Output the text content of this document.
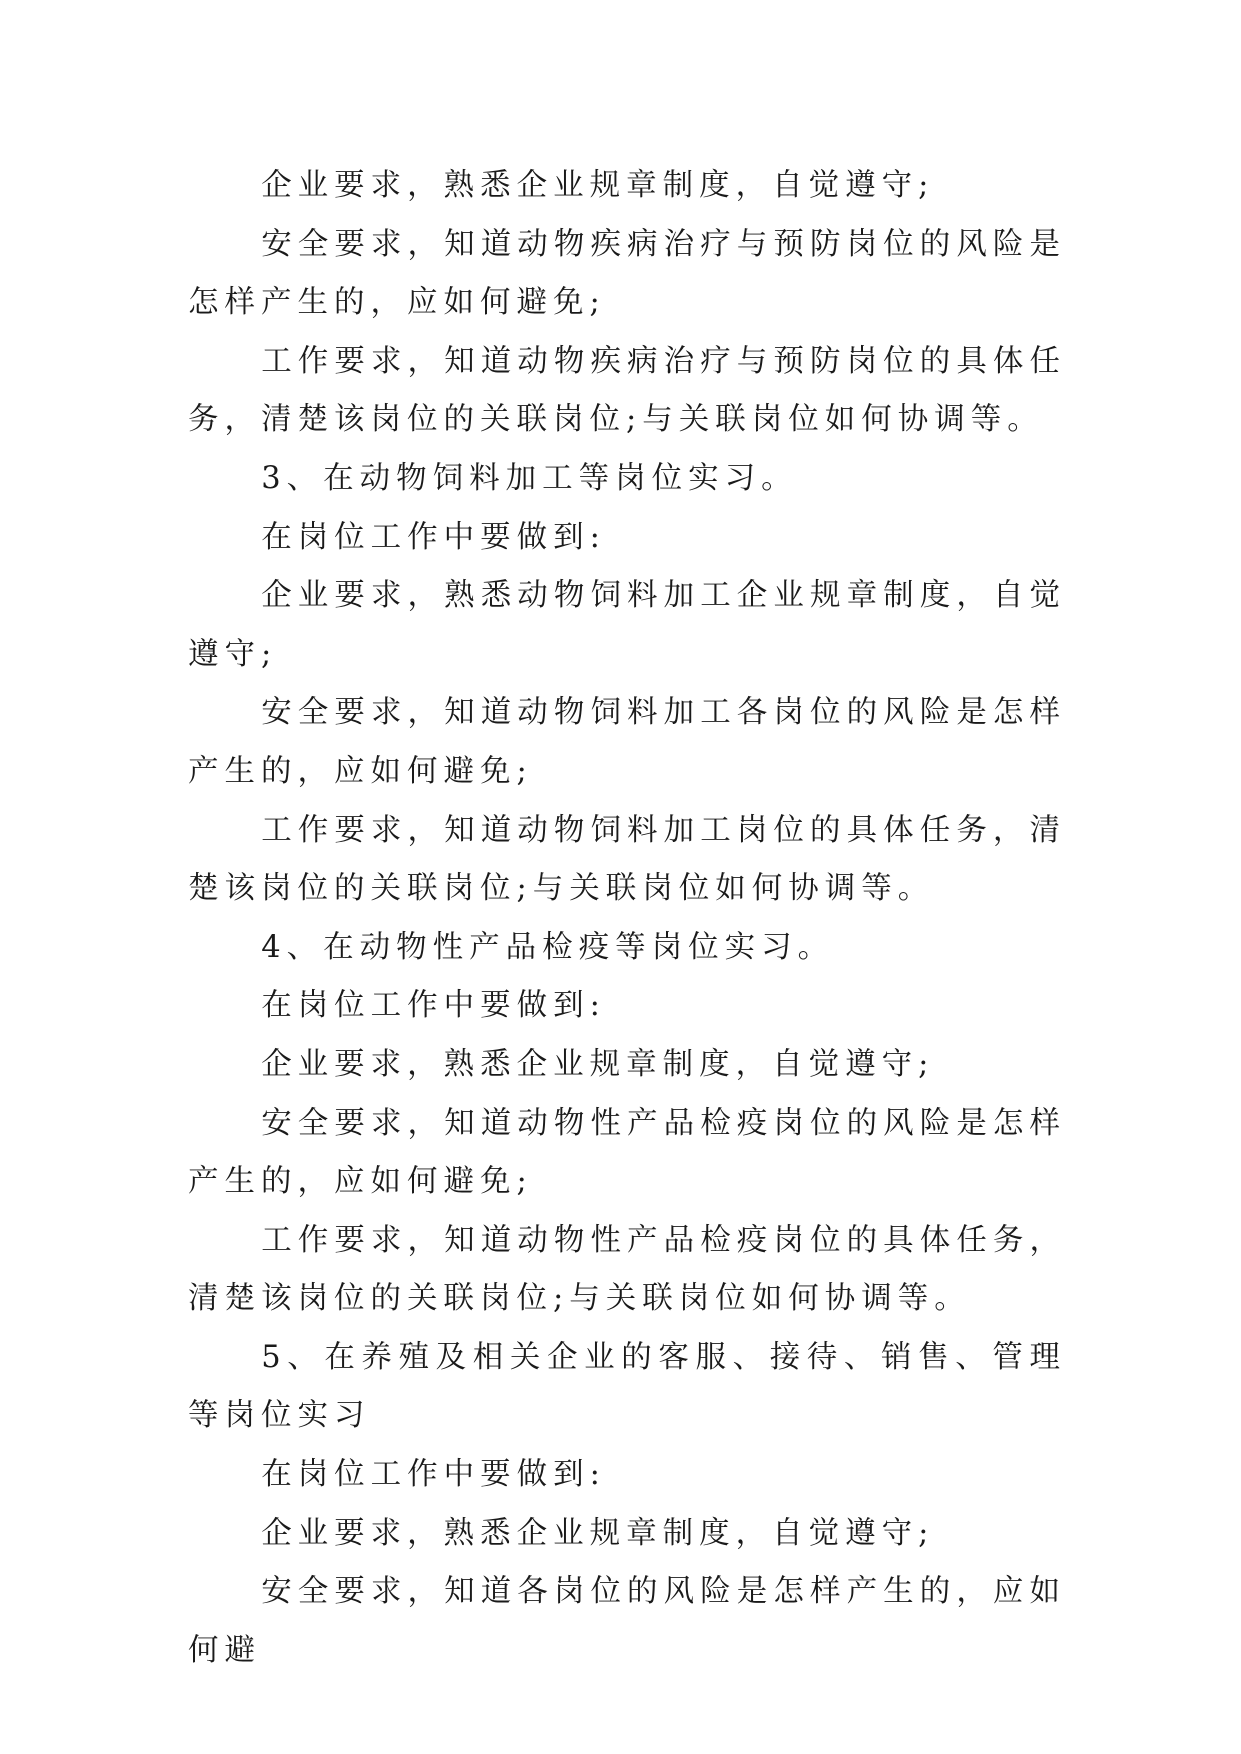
企业要求，熟悉企业规章制度，自觉遵守;

安全要求，知道动物疾病治疗与预防岗位的风险是怎样产生的，应如何避免;

工作要求，知道动物疾病治疗与预防岗位的具体任务，清楚该岗位的关联岗位;与关联岗位如何协调等。

3、在动物饲料加工等岗位实习。

在岗位工作中要做到:

企业要求，熟悉动物饲料加工企业规章制度，自觉遵守;

安全要求，知道动物饲料加工各岗位的风险是怎样产生的，应如何避免;

工作要求，知道动物饲料加工岗位的具体任务，清楚该岗位的关联岗位;与关联岗位如何协调等。

4、在动物性产品检疫等岗位实习。

在岗位工作中要做到:

企业要求，熟悉企业规章制度，自觉遵守;

安全要求，知道动物性产品检疫岗位的风险是怎样产生的，应如何避免;

工作要求，知道动物性产品检疫岗位的具体任务，清楚该岗位的关联岗位;与关联岗位如何协调等。

5、在养殖及相关企业的客服、接待、销售、管理等岗位实习

在岗位工作中要做到:

企业要求，熟悉企业规章制度，自觉遵守;

安全要求，知道各岗位的风险是怎样产生的，应如何避
